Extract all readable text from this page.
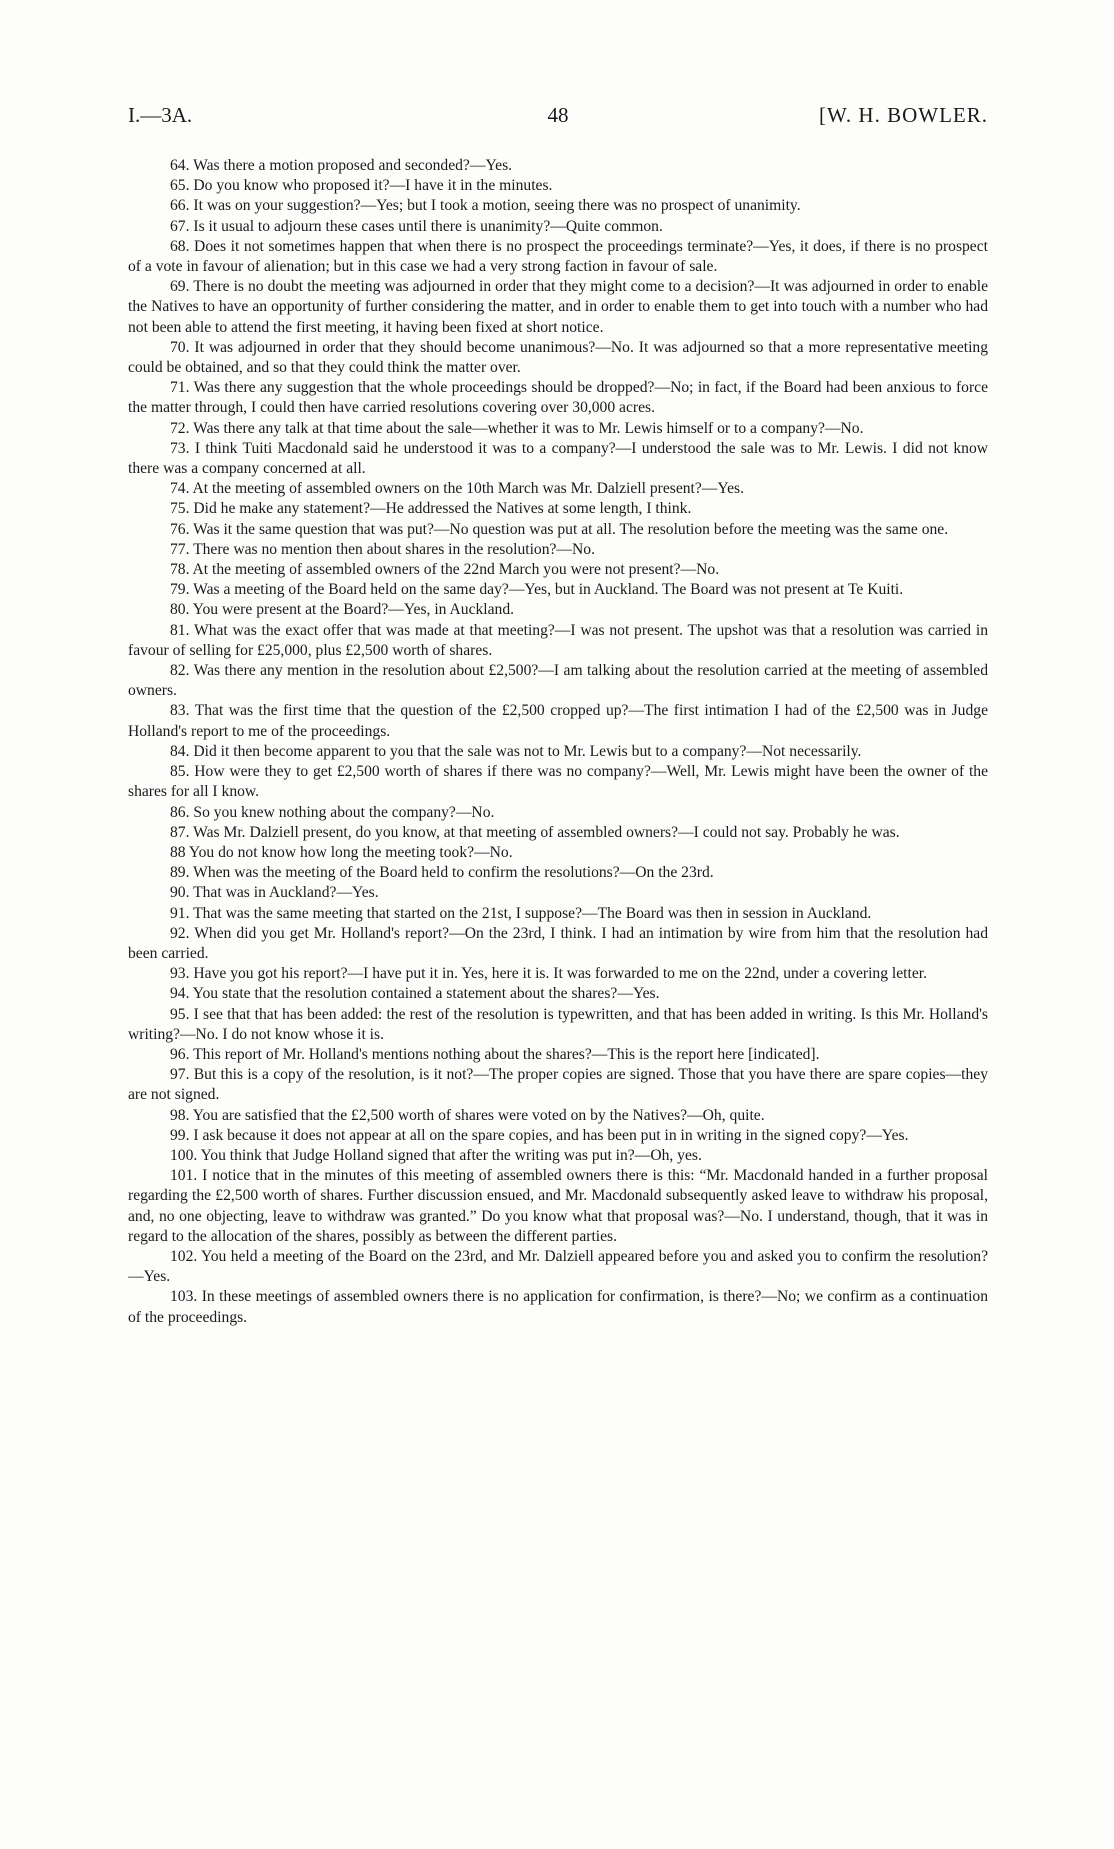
I.—3A.	48	[W. H. BOWLER.

64. Was there a motion proposed and seconded?—Yes.

65. Do you know who proposed it?—I have it in the minutes.

66. It was on your suggestion?—Yes; but I took a motion, seeing there was no prospect of unanimity.

67. Is it usual to adjourn these cases until there is unanimity?—Quite common.

68. Does it not sometimes happen that when there is no prospect the proceedings terminate?—Yes, it does, if there is no prospect of a vote in favour of alienation; but in this case we had a very strong faction in favour of sale.

69. There is no doubt the meeting was adjourned in order that they might come to a decision?—It was adjourned in order to enable the Natives to have an opportunity of further considering the matter, and in order to enable them to get into touch with a number who had not been able to attend the first meeting, it having been fixed at short notice.

70. It was adjourned in order that they should become unanimous?—No. It was adjourned so that a more representative meeting could be obtained, and so that they could think the matter over.

71. Was there any suggestion that the whole proceedings should be dropped?—No; in fact, if the Board had been anxious to force the matter through, I could then have carried resolutions covering over 30,000 acres.

72. Was there any talk at that time about the sale—whether it was to Mr. Lewis himself or to a company?—No.

73. I think Tuiti Macdonald said he understood it was to a company?—I understood the sale was to Mr. Lewis. I did not know there was a company concerned at all.

74. At the meeting of assembled owners on the 10th March was Mr. Dalziell present?—Yes.

75. Did he make any statement?—He addressed the Natives at some length, I think.

76. Was it the same question that was put?—No question was put at all. The resolution before the meeting was the same one.

77. There was no mention then about shares in the resolution?—No.

78. At the meeting of assembled owners of the 22nd March you were not present?—No.

79. Was a meeting of the Board held on the same day?—Yes, but in Auckland. The Board was not present at Te Kuiti.

80. You were present at the Board?—Yes, in Auckland.

81. What was the exact offer that was made at that meeting?—I was not present. The upshot was that a resolution was carried in favour of selling for £25,000, plus £2,500 worth of shares.

82. Was there any mention in the resolution about £2,500?—I am talking about the resolution carried at the meeting of assembled owners.

83. That was the first time that the question of the £2,500 cropped up?—The first intimation I had of the £2,500 was in Judge Holland's report to me of the proceedings.

84. Did it then become apparent to you that the sale was not to Mr. Lewis but to a company?—Not necessarily.

85. How were they to get £2,500 worth of shares if there was no company?—Well, Mr. Lewis might have been the owner of the shares for all I know.

86. So you knew nothing about the company?—No.

87. Was Mr. Dalziell present, do you know, at that meeting of assembled owners?—I could not say. Probably he was.

88 You do not know how long the meeting took?—No.

89. When was the meeting of the Board held to confirm the resolutions?—On the 23rd.

90. That was in Auckland?—Yes.

91. That was the same meeting that started on the 21st, I suppose?—The Board was then in session in Auckland.

92. When did you get Mr. Holland's report?—On the 23rd, I think. I had an intimation by wire from him that the resolution had been carried.

93. Have you got his report?—I have put it in. Yes, here it is. It was forwarded to me on the 22nd, under a covering letter.

94. You state that the resolution contained a statement about the shares?—Yes.

95. I see that that has been added: the rest of the resolution is typewritten, and that has been added in writing. Is this Mr. Holland's writing?—No. I do not know whose it is.

96. This report of Mr. Holland's mentions nothing about the shares?—This is the report here [indicated].

97. But this is a copy of the resolution, is it not?—The proper copies are signed. Those that you have there are spare copies—they are not signed.

98. You are satisfied that the £2,500 worth of shares were voted on by the Natives?—Oh, quite.

99. I ask because it does not appear at all on the spare copies, and has been put in in writing in the signed copy?—Yes.

100. You think that Judge Holland signed that after the writing was put in?—Oh, yes.

101. I notice that in the minutes of this meeting of assembled owners there is this: “Mr. Macdonald handed in a further proposal regarding the £2,500 worth of shares. Further discussion ensued, and Mr. Macdonald subsequently asked leave to withdraw his proposal, and, no one objecting, leave to withdraw was granted.” Do you know what that proposal was?—No. I understand, though, that it was in regard to the allocation of the shares, possibly as between the different parties.

102. You held a meeting of the Board on the 23rd, and Mr. Dalziell appeared before you and asked you to confirm the resolution?—Yes.

103. In these meetings of assembled owners there is no application for confirmation, is there?—No; we confirm as a continuation of the proceedings.
